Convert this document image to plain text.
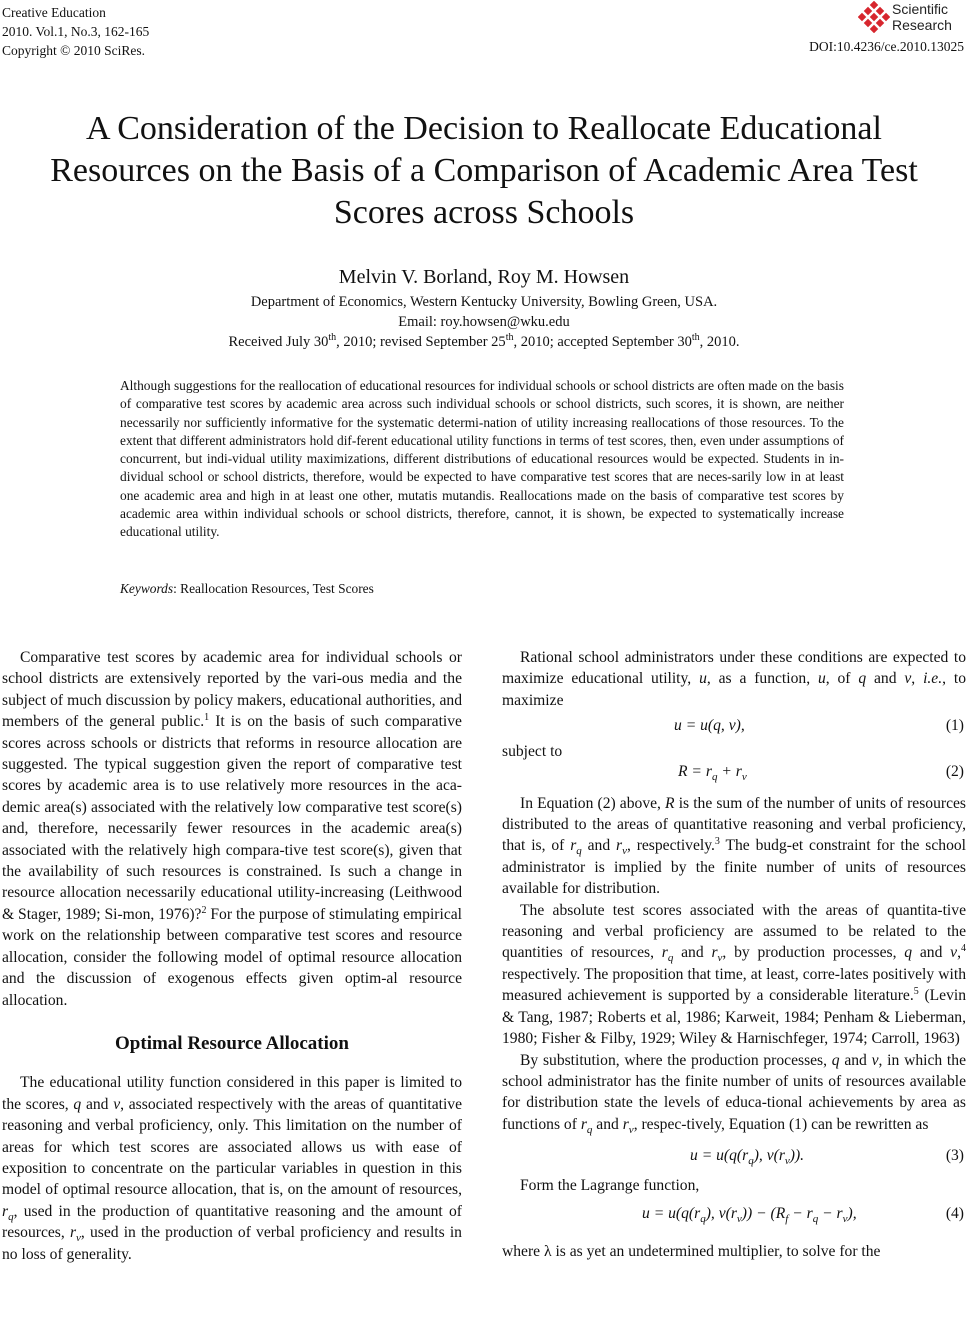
Creative Education
2010. Vol.1, No.3, 162-165
Copyright © 2010 SciRes.
Scientific
Research
DOI:10.4236/ce.2010.13025
A Consideration of the Decision to Reallocate Educational
Resources on the Basis of a Comparison of Academic Area Test
Scores across Schools
Melvin V. Borland, Roy M. Howsen
Department of Economics, Western Kentucky University, Bowling Green, USA.
Email: roy.howsen@wku.edu
Received July 30th, 2010; revised September 25th, 2010; accepted September 30th, 2010.
Although suggestions for the reallocation of educational resources for individual schools or school districts are often made on the basis of comparative test scores by academic area across such individual schools or school districts, such scores, it is shown, are neither necessarily nor sufficiently informative for the systematic determi-nation of utility increasing reallocations of those resources. To the extent that different administrators hold dif-ferent educational utility functions in terms of test scores, then, even under assumptions of concurrent, but indi-vidual utility maximizations, different distributions of educational resources would be expected. Students in in-dividual school or school districts, therefore, would be expected to have comparative test scores that are neces-sarily low in at least one academic area and high in at least one other, mutatis mutandis. Reallocations made on the basis of comparative test scores by academic area within individual schools or school districts, therefore, cannot, it is shown, be expected to systematically increase educational utility.
Keywords: Reallocation Resources, Test Scores

Comparative test scores by academic area for individual schools or school districts are extensively reported by the vari-ous media and the subject of much discussion by policy makers, educational authorities, and members of the general public.$^1$ It is on the basis of such comparative scores across schools or districts that reforms in resource allocation are suggested. The typical suggestion given the report of comparative test scores by academic area is to use relatively more resources in the aca-demic area(s) associated with the relatively low comparative test score(s) and, therefore, necessarily fewer resources in the academic area(s) associated with the relatively high compara-tive test score(s), given that the availability of such resources is constrained. Is such a change in resource allocation necessarily educational utility-increasing (Leithwood & Stager, 1989; Si-mon, 1976)?$^2$ For the purpose of stimulating empirical work on the relationship between comparative test scores and resource allocation, consider the following model of optimal resource allocation and the discussion of exogenous effects given optim-al resource allocation.

Optimal Resource Allocation

The educational utility function considered in this paper is limited to the scores, q and v, associated respectively with the areas of quantitative reasoning and verbal proficiency, only. This limitation on the number of areas for which test scores are associated allows us with ease of exposition to concentrate on the particular variables in question in this model of optimal resource allocation, that is, on the amount of resources, $r_q$, used in the production of quantitative reasoning and the amount of resources, $r_v$, used in the production of verbal proficiency and results in no loss of generality.

Rational school administrators under these conditions are expected to maximize educational utility, u, as a function, u, of q and v, i.e., to maximize

u = u(q, v),	(1)

subject to

$R = r_q + r_v$	(2)

In Equation (2) above, R is the sum of the number of units of resources distributed to the areas of quantitative reasoning and verbal proficiency, that is, of $r_q$ and $r_v$, respectively.$^3$ The budg-et constraint for the school administrator is implied by the finite number of units of resources available for distribution.

The absolute test scores associated with the areas of quantita-tive reasoning and verbal proficiency are assumed to be related to the quantities of resources, $r_q$ and $r_v$, by production processes, q and v,$^4$ respectively. The proposition that time, at least, corre-lates positively with measured achievement is supported by a considerable literature.$^5$ (Levin & Tang, 1987; Roberts et al, 1986; Karweit, 1984; Penham & Lieberman, 1980; Fisher & Filby, 1929; Wiley & Harnischfeger, 1974; Carroll, 1963)

By substitution, where the production processes, q and v, in which the school administrator has the finite number of units of resources available for distribution state the levels of educa-tional achievements by area as functions of $r_q$ and $r_v$, respec-tively, Equation (1) can be rewritten as

$u = u(q(r_q)$, $v(r_v)$).	(3)

Form the Lagrange function,

$u = u(q(r_q)$, $v(r_v)) - (R_f - r_q - r_v)$,	(4)

where λ is as yet an undetermined multiplier, to solve for the
